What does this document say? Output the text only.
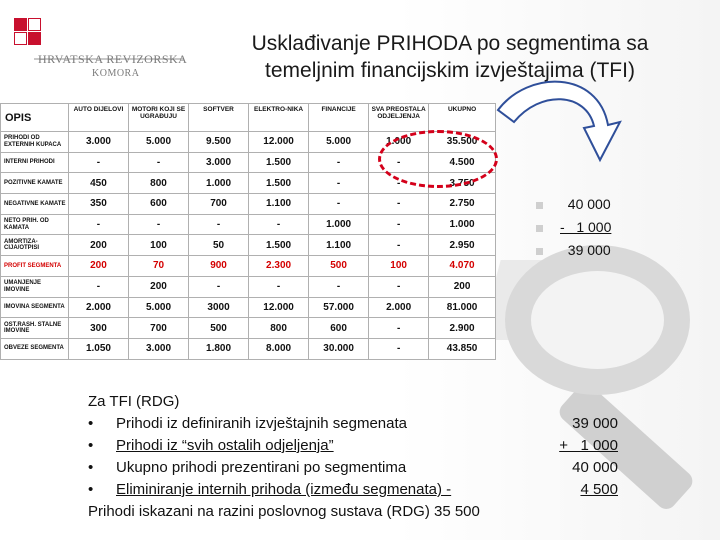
HRVATSKA REVIZORSKA
KOMORA
Usklađivanje PRIHODA po segmentima sa
temeljnim financijskim izvještajima (TFI)
OPIS	AUTO DIJELOVI	MOTORI KOJI SE UGRAĐUJU	SOFTVER	ELEKTRO-NIKA	FINANCIJE	SVA PREOSTALA ODJELJENJA	UKUPNO
PRIHODI OD EXTERNIH KUPACA	3.000	5.000	9.500	12.000	5.000	1.000	35.500
INTERNI PRIHODI	-	-	3.000	1.500	-	-	4.500
POZITIVNE KAMATE	450	800	1.000	1.500	-	-	3.750
NEGATIVNE KAMATE	350	600	700	1.100	-	-	2.750
NETO PRIH. OD KAMATA	-	-	-	-	1.000	-	1.000
AMORTIZA-CIJA/OTPISI	200	100	50	1.500	1.100	-	2.950
PROFIT SEGMENTA	200	70	900	2.300	500	100	4.070
UMANJENJE IMOVINE	-	200	-	-	-	-	200
IMOVINA SEGMENTA	2.000	5.000	3000	12.000	57.000	2.000	81.000
OST.RASH. STALNE IMOVINE	300	700	500	800	600	-	2.900
OBVEZE SEGMENTA	1.050	3.000	1.800	8.000	30.000	-	43.850
40 000
-   1 000
39 000
Za TFI (RDG)
• Prihodi iz definiranih izvještajnih segmenata	39 000
• Prihodi iz “svih ostalih odjeljenja”	+   1 000
• Ukupno prihodi prezentirani po segmentima	40 000
• Eliminiranje internih prihoda (između segmenata) -	4 500
Prihodi iskazani na razini poslovnog sustava (RDG) 35 500
